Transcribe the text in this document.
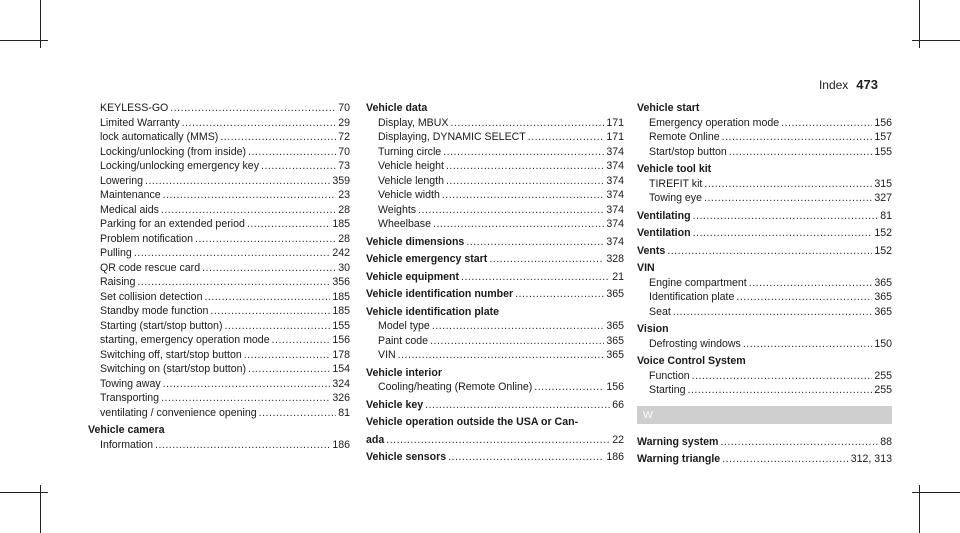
Index 473
KEYLESS-GO .....	70
Limited Warranty .....	29
lock automatically (MMS) .....	72
Locking/unlocking (from inside) .....	70
Locking/unlocking emergency key .....	73
Lowering .....	359
Maintenance .....	23
Medical aids .....	28
Parking for an extended period .....	185
Problem notification .....	28
Pulling .....	242
QR code rescue card .....	30
Raising .....	356
Set collision detection .....	185
Standby mode function .....	185
Starting (start/stop button) .....	155
starting, emergency operation mode .....	156
Switching off, start/stop button .....	178
Switching on (start/stop button) .....	154
Towing away .....	324
Transporting .....	326
ventilating / convenience opening .....	81
Vehicle camera
Information .....	186
Vehicle data
Display, MBUX .....	171
Displaying, DYNAMIC SELECT .....	171
Turning circle .....	374
Vehicle height .....	374
Vehicle length .....	374
Vehicle width .....	374
Weights .....	374
Wheelbase .....	374
Vehicle dimensions .....	374
Vehicle emergency start .....	328
Vehicle equipment .....	21
Vehicle identification number .....	365
Vehicle identification plate
Model type .....	365
Paint code .....	365
VIN .....	365
Vehicle interior
Cooling/heating (Remote Online) .....	156
Vehicle key .....	66
Vehicle operation outside the USA or Can-
ada .....	22
Vehicle sensors .....	186
Vehicle start
Emergency operation mode .....	156
Remote Online .....	157
Start/stop button .....	155
Vehicle tool kit
TIREFIT kit .....	315
Towing eye .....	327
Ventilating .....	81
Ventilation .....	152
Vents .....	152
VIN
Engine compartment .....	365
Identification plate .....	365
Seat .....	365
Vision
Defrosting windows .....	150
Voice Control System
Function .....	255
Starting .....	255
W
Warning system .....	88
Warning triangle .....	312, 313
